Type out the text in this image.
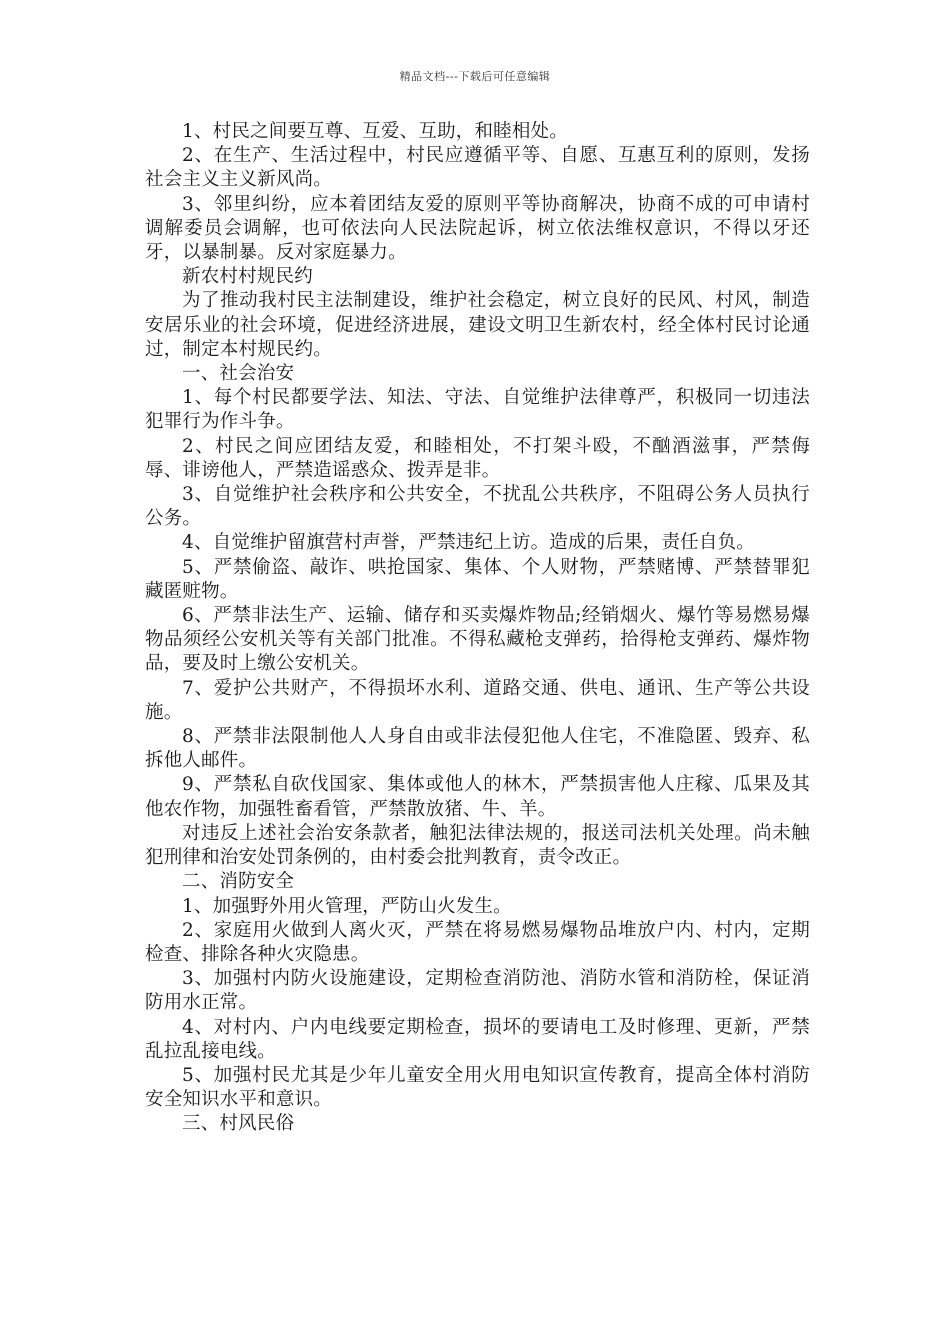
精品文档---下载后可任意编辑

1、村民之间要互尊、互爱、互助，和睦相处。

2、在生产、生活过程中，村民应遵循平等、自愿、互惠互利的原则，发扬社会主义主义新风尚。

3、邻里纠纷，应本着团结友爱的原则平等协商解决，协商不成的可申请村调解委员会调解，也可依法向人民法院起诉，树立依法维权意识，不得以牙还牙，以暴制暴。反对家庭暴力。

新农村村规民约

为了推动我村民主法制建设，维护社会稳定，树立良好的民风、村风，制造安居乐业的社会环境，促进经济进展，建设文明卫生新农村，经全体村民讨论通过，制定本村规民约。

一、社会治安

1、每个村民都要学法、知法、守法、自觉维护法律尊严，积极同一切违法犯罪行为作斗争。

2、村民之间应团结友爱，和睦相处，不打架斗殴，不酗酒滋事，严禁侮辱、诽谤他人，严禁造谣惑众、拨弄是非。

3、自觉维护社会秩序和公共安全，不扰乱公共秩序，不阻碍公务人员执行公务。

4、自觉维护留旗营村声誉，严禁违纪上访。造成的后果，责任自负。

5、严禁偷盗、敲诈、哄抢国家、集体、个人财物，严禁赌博、严禁替罪犯藏匿赃物。

6、严禁非法生产、运输、储存和买卖爆炸物品;经销烟火、爆竹等易燃易爆物品须经公安机关等有关部门批准。不得私藏枪支弹药，拾得枪支弹药、爆炸物品，要及时上缴公安机关。

7、爱护公共财产，不得损坏水利、道路交通、供电、通讯、生产等公共设施。

8、严禁非法限制他人人身自由或非法侵犯他人住宅，不准隐匿、毁弃、私拆他人邮件。

9、严禁私自砍伐国家、集体或他人的林木，严禁损害他人庄稼、瓜果及其他农作物，加强牲畜看管，严禁散放猪、牛、羊。

对违反上述社会治安条款者，触犯法律法规的，报送司法机关处理。尚未触犯刑律和治安处罚条例的，由村委会批判教育，责令改正。

二、消防安全

1、加强野外用火管理，严防山火发生。

2、家庭用火做到人离火灭，严禁在将易燃易爆物品堆放户内、村内，定期检查、排除各种火灾隐患。

3、加强村内防火设施建设，定期检查消防池、消防水管和消防栓，保证消防用水正常。

4、对村内、户内电线要定期检查，损坏的要请电工及时修理、更新，严禁乱拉乱接电线。

5、加强村民尤其是少年儿童安全用火用电知识宣传教育，提高全体村消防安全知识水平和意识。

三、村风民俗
